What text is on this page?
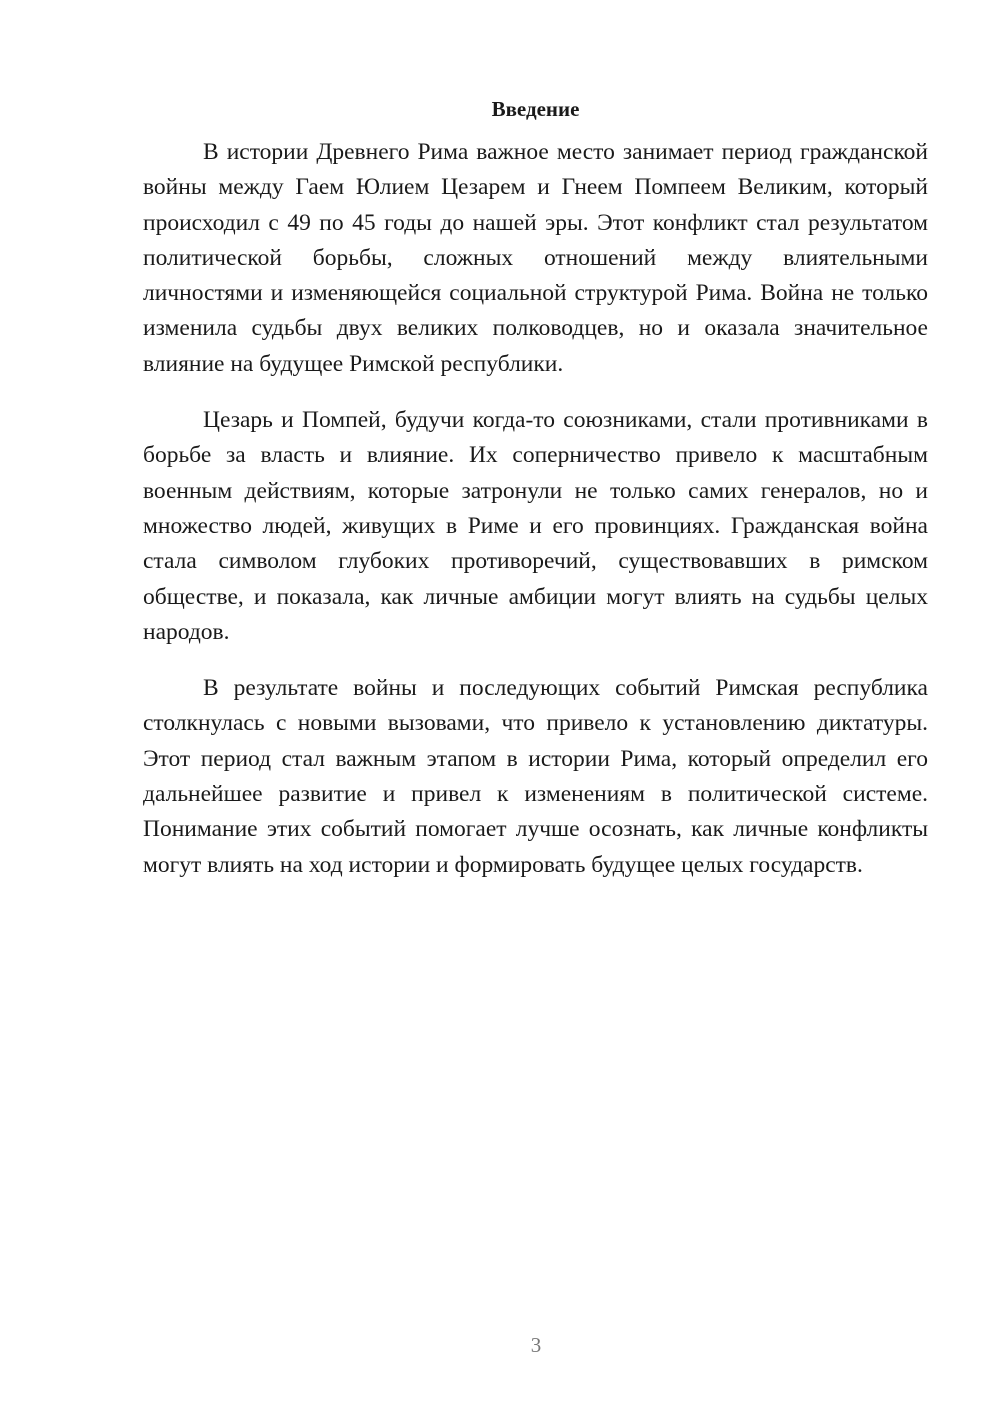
Введение

В истории Древнего Рима важное место занимает период гражданской войны между Гаем Юлием Цезарем и Гнеем Помпеем Великим, который происходил с 49 по 45 годы до нашей эры. Этот конфликт стал результатом политической борьбы, сложных отношений между влиятельными личностями и изменяющейся социальной структурой Рима. Война не только изменила судьбы двух великих полководцев, но и оказала значительное влияние на будущее Римской республики.

Цезарь и Помпей, будучи когда-то союзниками, стали противниками в борьбе за власть и влияние. Их соперничество привело к масштабным военным действиям, которые затронули не только самих генералов, но и множество людей, живущих в Риме и его провинциях. Гражданская война стала символом глубоких противоречий, существовавших в римском обществе, и показала, как личные амбиции могут влиять на судьбы целых народов.

В результате войны и последующих событий Римская республика столкнулась с новыми вызовами, что привело к установлению диктатуры. Этот период стал важным этапом в истории Рима, который определил его дальнейшее развитие и привел к изменениям в политической системе. Понимание этих событий помогает лучше осознать, как личные конфликты могут влиять на ход истории и формировать будущее целых государств.

3
